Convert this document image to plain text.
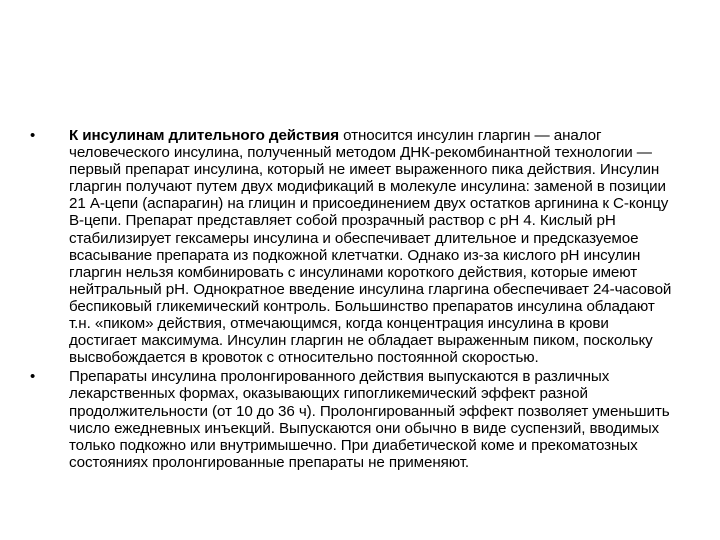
•	К инсулинам длительного действия относится инсулин гларгин — аналог человеческого инсулина, полученный методом ДНК-рекомбинантной технологии — первый препарат инсулина, который не имеет выраженного пика действия. Инсулин гларгин получают путем двух модификаций в молекуле инсулина: заменой в позиции 21 А-цепи (аспарагин) на глицин и присоединением двух остатков аргинина к С-концу В-цепи. Препарат представляет собой прозрачный раствор с рН 4. Кислый рН стабилизирует гексамеры инсулина и обеспечивает длительное и предсказуемое всасывание препарата из подкожной клетчатки. Однако из-за кислого рН инсулин гларгин нельзя комбинировать с инсулинами короткого действия, которые имеют нейтральный рН. Однократное введение инсулина гларгина обеспечивает 24-часовой беспиковый гликемический контроль. Большинство препаратов инсулина обладают т.н. «пиком» действия, отмечающимся, когда концентрация инсулина в крови достигает максимума. Инсулин гларгин не обладает выраженным пиком, поскольку высвобождается в кровоток с относительно постоянной скоростью.
•	Препараты инсулина пролонгированного действия выпускаются в различных лекарственных формах, оказывающих гипогликемический эффект разной продолжительности (от 10 до 36 ч). Пролонгированный эффект позволяет уменьшить число ежедневных инъекций. Выпускаются они обычно в виде суспензий, вводимых только подкожно или внутримышечно. При диабетической коме и прекоматозных состояниях пролонгированные препараты не применяют.
